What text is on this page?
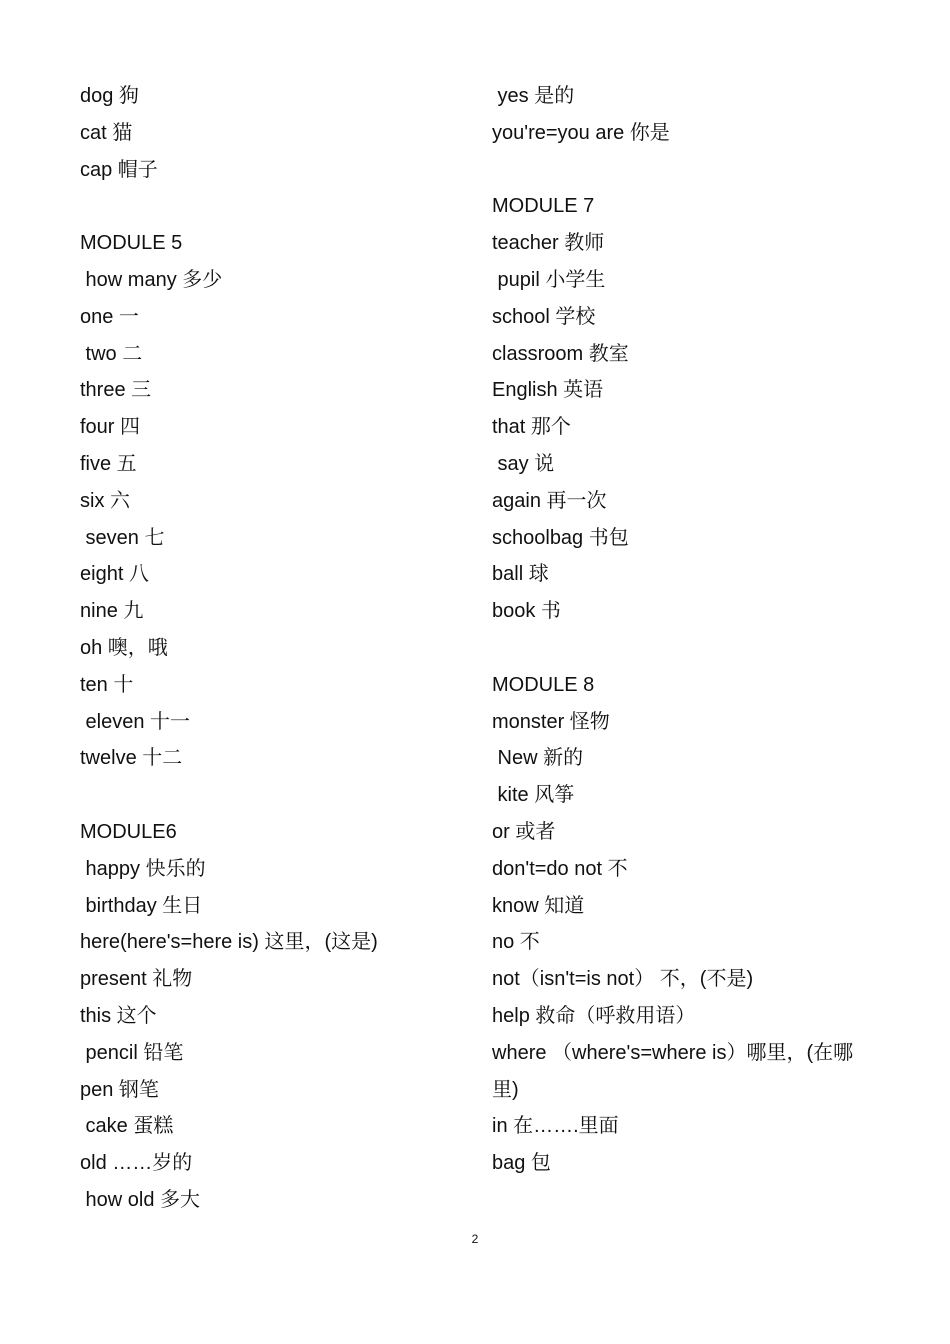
dog 狗
cat 猫
cap 帽子
MODULE 5
how many 多少
one 一
two 二
three 三
four 四
five 五
six 六
seven 七
eight 八
nine 九
oh 噢，哦
ten 十
eleven 十一
twelve 十二
MODULE6
happy 快乐的
birthday 生日
here(here's=here is) 这里，(这是)
present 礼物
this 这个
pencil 铅笔
pen 钢笔
cake 蛋糕
old ……岁的
how old 多大
yes 是的
you're=you are 你是
MODULE 7
teacher 教师
pupil 小学生
school 学校
classroom 教室
English 英语
that 那个
say 说
again 再一次
schoolbag 书包
ball 球
book 书
MODULE 8
monster 怪物
New 新的
kite 风筝
or 或者
don't=do not 不
know 知道
no 不
not（isn't=is not） 不，(不是)
help 救命（呼救用语）
where （where's=where is）哪里，(在哪
里)
in 在…….里面
bag 包
2
